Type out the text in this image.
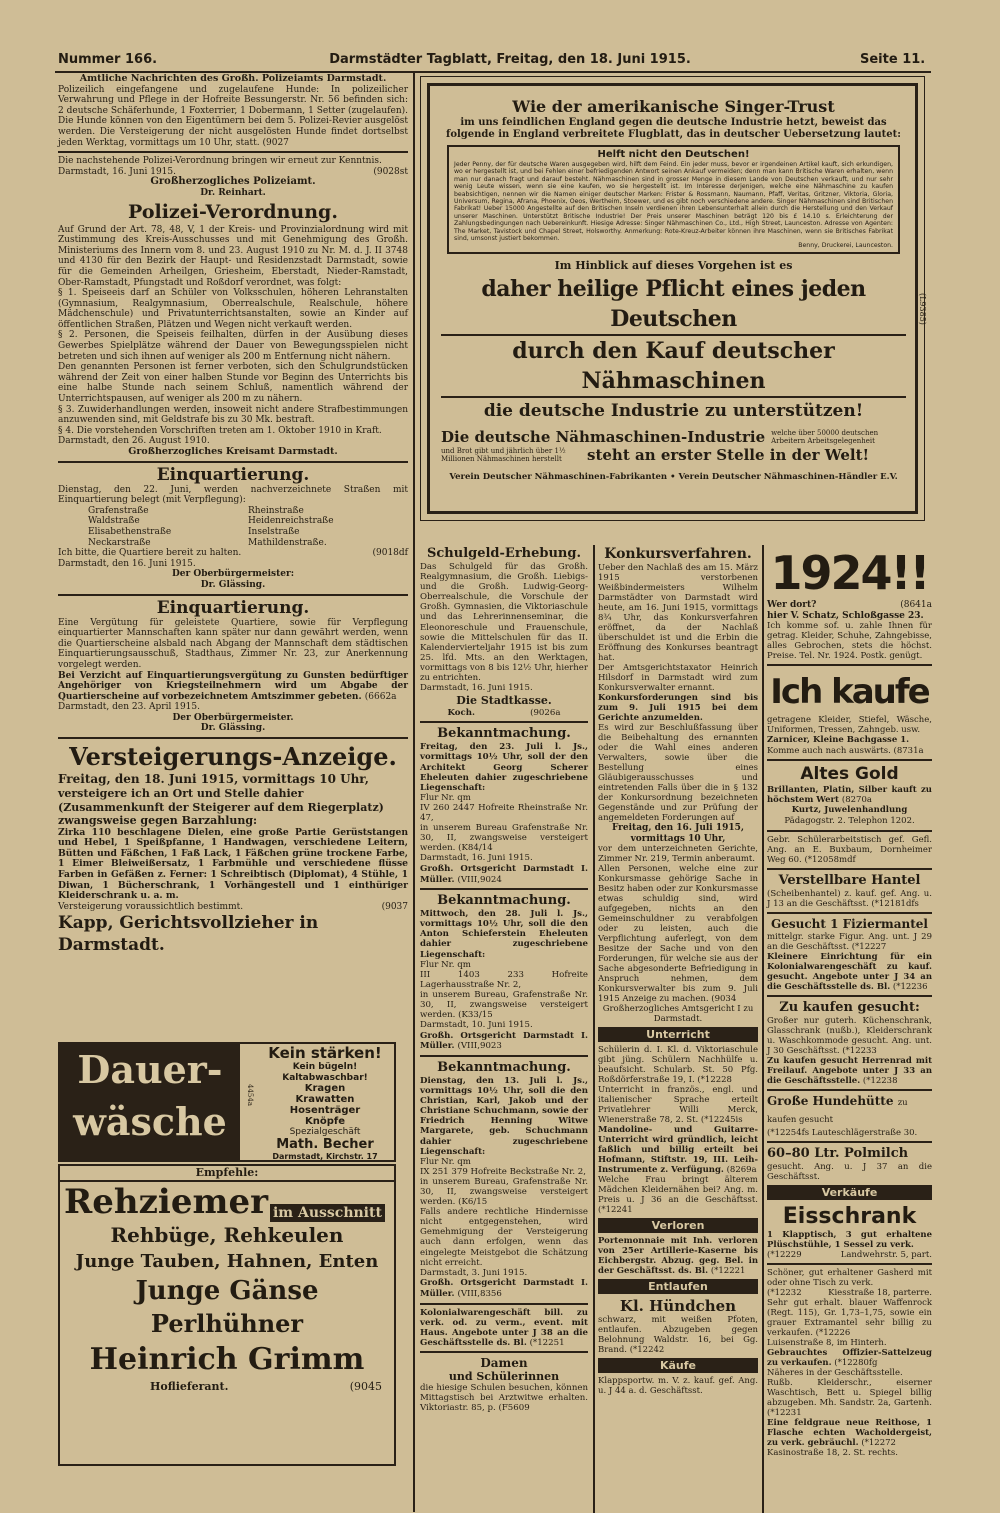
Nummer 166.	Darmstädter Tagblatt, Freitag, den 18. Juni 1915.	Seite 11.
Amtliche Nachrichten des Großh. Polizeiamts Darmstadt.
Polizeilich eingefangene und zugelaufene Hunde: In polizeilicher Verwahrung und Pflege in der Hofreite Bessungerstr. Nr. 56 befinden sich: 2 deutsche Schäferhunde, 1 Foxterrier, 1 Dobermann, 1 Setter (zugelaufen). Die Hunde können von den Eigentümern bei dem 5. Polizei-Revier ausgelöst werden. Die Versteigerung der nicht ausgelösten Hunde findet dortselbst jeden Werktag, vormittags um 10 Uhr, statt. (9027
Die nachstehende Polizei-Verordnung bringen wir erneut zur Kenntnis.
Darmstadt, 16. Juni 1915.	(9028st
Großherzogliches Polizeiamt.
Dr. Reinhart.
Polizei-Verordnung.
Auf Grund der Art. 78, 48, V, 1 der Kreis- und Provinzialordnung wird mit Zustimmung des Kreis-Ausschusses und mit Genehmigung des Großh. Ministeriums des Innern vom 8. und 23. August 1910 zu Nr. M. d. J. II 3748 und 4130 für den Bezirk der Haupt- und Residenzstadt Darmstadt, sowie für die Gemeinden Arheilgen, Griesheim, Eberstadt, Nieder-Ramstadt, Ober-Ramstadt, Pfungstadt und Roßdorf verordnet, was folgt:
§ 1. Speiseeis darf an Schüler von Volksschulen, höheren Lehranstalten (Gymnasium, Realgymnasium, Oberrealschule, Realschule, höhere Mädchenschule) und Privatunterrichtsanstalten, sowie an Kinder auf öffentlichen Straßen, Plätzen und Wegen nicht verkauft werden.
§ 2. Personen, die Speiseis feilhalten, dürfen in der Ausübung dieses Gewerbes Spielplätze während der Dauer von Bewegungsspielen nicht betreten und sich ihnen auf weniger als 200 m Entfernung nicht nähern.
Den genannten Personen ist ferner verboten, sich den Schulgrundstücken während der Zeit von einer halben Stunde vor Beginn des Unterrichts bis eine halbe Stunde nach seinem Schluß, namentlich während der Unterrichtspausen, auf weniger als 200 m zu nähern.
§ 3. Zuwiderhandlungen werden, insoweit nicht andere Strafbestimmungen anzuwenden sind, mit Geldstrafe bis zu 30 Mk. bestraft.
§ 4. Die vorstehenden Vorschriften treten am 1. Oktober 1910 in Kraft.
Darmstadt, den 26. August 1910.
Großherzogliches Kreisamt Darmstadt.
Einquartierung.
Dienstag, den 22. Juni, werden nachverzeichnete Straßen mit Einquartierung belegt (mit Verpflegung):
Grafenstraße	Rheinstraße
Waldstraße	Heidenreichstraße
Elisabethenstraße	Inselstraße
Neckarstraße	Mathildenstraße.
Ich bitte, die Quartiere bereit zu halten.	(9018df
Darmstadt, den 16. Juni 1915.
Der Oberbürgermeister:
Dr. Glässing.
Einquartierung.
Eine Vergütung für geleistete Quartiere, sowie für Verpflegung einquartierter Mannschaften kann später nur dann gewährt werden, wenn die Quartierscheine alsbald nach Abgang der Mannschaft dem städtischen Einquartierungsausschuß, Stadthaus, Zimmer Nr. 23, zur Anerkennung vorgelegt werden.
Bei Verzicht auf Einquartierungsvergütung zu Gunsten bedürftiger Angehöriger von Kriegsteilnehmern wird um Abgabe der Quartierscheine auf vorbezeichnetem Amtszimmer gebeten. (6662a
Darmstadt, den 23. April 1915.
Der Oberbürgermeister.
Dr. Glässing.
Versteigerungs-Anzeige.
Freitag, den 18. Juni 1915, vormittags 10 Uhr,
versteigere ich an Ort und Stelle dahier (Zusammenkunft der Steigerer auf dem Riegerplatz) zwangsweise gegen Barzahlung:
Zirka 110 beschlagene Dielen, eine große Partie Gerüststangen und Hebel, 1 Speißpfanne, 1 Handwagen, verschiedene Leitern, Bütten und Fäßchen, 1 Faß Lack, 1 Fäßchen grüne trockene Farbe, 1 Eimer Bleiweißersatz, 1 Farbmühle und verschiedene flüsse Farben in Gefäßen z. Ferner: 1 Schreibtisch (Diplomat), 4 Stühle, 1 Diwan, 1 Bücherschrank, 1 Vorhängestell und 1 einthüriger Kleiderschrank u. a. m.
Versteigerung voraussichtlich bestimmt.	(9037
Kapp, Gerichtsvollzieher in Darmstadt.
Dauer-
wäsche
4454a
Kein stärken!
Kein bügeln!
Kaltabwaschbar!
Kragen
Krawatten
Hosenträger
Knöpfe
Spezialgeschäft
Math. Becher
Darmstadt, Kirchstr. 17
Empfehle:
Rehziemer im Ausschnitt
Rehbüge, Rehkeulen
Junge Tauben, Hahnen, Enten
Junge Gänse
Perlhühner
Heinrich Grimm
Hoflieferant.	(9045
Wie der amerikanische Singer-Trust
im uns feindlichen England gegen die deutsche Industrie hetzt, beweist das folgende in England verbreitete Flugblatt, das in deutscher Uebersetzung lautet:
Helft nicht den Deutschen!
Jeder Penny, der für deutsche Waren ausgegeben wird, hilft dem Feind. Ein jeder muss, bevor er irgendeinen Artikel kauft, sich erkundigen, wo er hergestellt ist, und bei Fehlen einer befriedigenden Antwort seinen Ankauf vermeiden; denn man kann Britische Waren erhalten, wenn man nur danach fragt und darauf besteht. Nähmaschinen sind in grosser Menge in diesem Lande von Deutschen verkauft, und nur sehr wenig Leute wissen, wenn sie eine kaufen, wo sie hergestellt ist. Im Interesse derjenigen, welche eine Nähmaschine zu kaufen beabsichtigen, nennen wir die Namen einiger deutscher Marken: Frister & Rossmann, Naumann, Pfaff, Veritas, Gritzner, Viktoria, Gloria, Universum, Regina, Afrana, Phoenix, Oeos, Wertheim, Stoewer, und es gibt noch verschiedene andere. Singer Nähmaschinen sind Britischen Fabrikat! Ueber 15000 Angestellte auf den Britischen Inseln verdienen ihren Lebensunterhalt allein durch die Herstellung und den Verkauf unserer Maschinen. Unterstützt Britische Industrie! Der Preis unserer Maschinen beträgt 120 bis £ 14.10 s. Erleichterung der Zahlungsbedingungen nach Uebereinkunft. Hiesige Adresse: Singer Nähmaschinen Co., Ltd., High Street, Launceston. Adresse von Agenten: The Market, Tavistock und Chapel Street, Holsworthy. Anmerkung: Rote-Kreuz-Arbeiter können ihre Maschinen, wenn sie Britisches Fabrikat sind, umsonst justiert bekommen.
Benny, Druckerei, Launceston.
Im Hinblick auf dieses Vorgehen ist es
daher heilige Pflicht eines jeden Deutschen
durch den Kauf deutscher Nähmaschinen
die deutsche Industrie zu unterstützen!
Die deutsche Nähmaschinen-Industrie welche über 50000 deutschen Arbeitern Arbeitsgelegenheit
und Brot gibt und jährlich über 1½ Millionen Nähmaschinen herstellt	steht an erster Stelle in der Welt!
Verein Deutscher Nähmaschinen-Fabrikanten • Verein Deutscher Nähmaschinen-Händler E.V.
(L9385)
Schulgeld-Erhebung.
Das Schulgeld für das Großh. Realgymnasium, die Großh. Liebigs- und die Großh. Ludwig-Georg-Oberrealschule, die Vorschule der Großh. Gymnasien, die Viktoriaschule und das Lehrerinnenseminar, die Eleonoreschule und Frauenschule, sowie die Mittelschulen für das II. Kalendervierteljahr 1915 ist bis zum 25. lfd. Mts. an den Werktagen, vormittags von 8 bis 12½ Uhr, hierher zu entrichten.
Darmstadt, 16. Juni 1915.
Die Stadtkasse.
Koch.	(9026a
Bekanntmachung.
Freitag, den 23. Juli l. Js., vormittags 10½ Uhr, soll der den Architekt Georg Scherer Eheleuten dahier zugeschriebene Liegenschaft:
Flur Nr. qm
IV 260 2447 Hofreite Rheinstraße Nr. 47,
in unserem Bureau Grafenstraße Nr. 30, II, zwangsweise versteigert werden. (K84/14
Darmstadt, 16. Juni 1915.
Großh. Ortsgericht Darmstadt I. Müller. (VIII,9024
Bekanntmachung.
Mittwoch, den 28. Juli l. Js., vormittags 10½ Uhr, soll die den Anton Schieferstein Eheleuten dahier zugeschriebene Liegenschaft:
Flur Nr. qm
III 1403 233 Hofreite Lagerhausstraße Nr. 2,
in unserem Bureau, Grafenstraße Nr. 30, II, zwangsweise versteigert werden. (K33/15
Darmstadt, 10. Juni 1915.
Großh. Ortsgericht Darmstadt I. Müller. (VIII,9023
Bekanntmachung.
Dienstag, den 13. Juli l. Js., vormittags 10½ Uhr, soll die den Christian, Karl, Jakob und der Christiane Schuchmann, sowie der Friedrich Henning Witwe Margarete, geb. Schuchmann dahier zugeschriebene Liegenschaft:
Flur Nr. qm
IX 251 379 Hofreite Beckstraße Nr. 2,
in unserem Bureau, Grafenstraße Nr. 30, II, zwangsweise versteigert werden. (K6/15
Falls andere rechtliche Hindernisse nicht entgegenstehen, wird Gemehmigung der Versteigerung auch dann erfolgen, wenn das eingelegte Meistgebot die Schätzung nicht erreicht.
Darmstadt, 3. Juni 1915.
Großh. Ortsgericht Darmstadt I. Müller. (VIII,8356
Kolonialwarengeschäft bill. zu verk. od. zu verm., event. mit Haus. Angebote unter J 38 an die Geschäftsstelle ds. Bl. (*12251
Damen
und Schülerinnen
die hiesige Schulen besuchen, können Mittagstisch bei Arztwitwe erhalten. Viktoriastr. 85, p. (F5609
Konkursverfahren.
Ueber den Nachlaß des am 15. März 1915 verstorbenen Weißbindermeisters Wilhelm Darmstädter von Darmstadt wird heute, am 16. Juni 1915, vormittags 8¾ Uhr, das Konkursverfahren eröffnet, da der Nachlaß überschuldet ist und die Erbin die Eröffnung des Konkurses beantragt hat.
Der Amtsgerichtstaxator Heinrich Hilsdorf in Darmstadt wird zum Konkursverwalter ernannt.
Konkursforderungen sind bis zum 9. Juli 1915 bei dem Gerichte anzumelden.
Es wird zur Beschlußfassung über die Beibehaltung des ernannten oder die Wahl eines anderen Verwalters, sowie über die Bestellung eines Gläubigerausschusses und eintretenden Falls über die in § 132 der Konkursordnung bezeichneten Gegenstände und zur Prüfung der angemeldeten Forderungen auf
Freitag, den 16. Juli 1915, vormittags 10 Uhr,
vor dem unterzeichneten Gerichte, Zimmer Nr. 219, Termin anberaumt.
Allen Personen, welche eine zur Konkursmasse gehörige Sache in Besitz haben oder zur Konkursmasse etwas schuldig sind, wird aufgegeben, nichts an den Gemeinschuldner zu verabfolgen oder zu leisten, auch die Verpflichtung auferlegt, von dem Besitze der Sache und von den Forderungen, für welche sie aus der Sache abgesonderte Befriedigung in Anspruch nehmen, dem Konkursverwalter bis zum 9. Juli 1915 Anzeige zu machen. (9034
Großherzogliches Amtsgericht I zu Darmstadt.
Unterricht
Schülerin d. I. Kl. d. Viktoriaschule gibt jüng. Schülern Nachhülfe u. beaufsicht. Schularb. St. 50 Pfg. Roßdörferstraße 19, I. (*12228
Unterricht in französ., engl. und italienischer Sprache erteilt Privatlehrer Willi Merck, Wienerstraße 78, 2. St. (*12245is
Mandoline- und Guitarre-Unterricht wird gründlich, leicht faßlich und billig erteilt bei Hofmann, Stiftstr. 19, III. Leih-Instrumente z. Verfügung. (8269a
Welche Frau bringt älterem Mädchen Kleidernähen bei? Ang. m. Preis u. J 36 an die Geschäftsst. (*12241
Verloren
Portemonnaie mit Inh. verloren von 25er Artillerie-Kaserne bis Eichbergstr. Abzug. geg. Bel. in der Geschäftsst. ds. Bl. (*12221
Entlaufen
Kl. Hündchen
schwarz, mit weißen Pfoten, entlaufen. Abzugeben gegen Belohnung Waldstr. 16, bei Gg. Brand. (*12242
Käufe
Klappsportw. m. V. z. kauf. gef. Ang. u. J 44 a. d. Geschäftsst.
1924!!
Wer dort?	(8641a
hier V. Schatz, Schloßgasse 23.
Ich komme sof. u. zahle Ihnen für getrag. Kleider, Schuhe, Zahngebisse, alles Gebrochen, stets die höchst. Preise. Tel. Nr. 1924. Postk. genügt.
Ich kaufe
getragene Kleider, Stiefel, Wäsche, Uniformen, Tressen, Zahngeb. usw.
Zarnicer, Kleine Bachgasse 1.
Komme auch nach auswärts. (8731a
Altes Gold
Brillanten, Platin, Silber kauft zu höchstem Wert (8270a
Kurtz, Juwelenhandlung
Pädagogstr. 2. Telephon 1202.
Gebr. Schülerarbeitstisch gef. Gefl. Ang. an E. Buxbaum, Dornheimer Weg 60. (*12058mdf
Verstellbare Hantel
(Scheibenhantel) z. kauf. gef. Ang. u. J 13 an die Geschäftsst. (*12181dfs
Gesucht 1 Fiziermantel
mittelgr. starke Figur. Ang. unt. J 29 an die Geschäftsst. (*12227
Kleinere Einrichtung für ein Kolonialwarengeschäft zu kauf. gesucht. Angebote unter J 34 an die Geschäftsstelle ds. Bl. (*12236
Zu kaufen gesucht:
Großer nur guterh. Küchenschrank, Glasschrank (nußb.), Kleiderschrank u. Waschkommode gesucht. Ang. unt. J 30 Geschäftsst. (*12233
Zu kaufen gesucht Herrenrad mit Freilauf. Angebote unter J 33 an die Geschäftsstelle. (*12238
Große Hundehütte zu kaufen gesucht
(*12254fs Lauteschlägerstraße 30.
60–80 Ltr. Polmilch
gesucht. Ang. u. J 37 an die Geschäftsst.
Verkäufe
Eisschrank
1 Klapptisch, 3 gut erhaltene Plüschstühle, 1 Sessel zu verk.
(*12229	Landwehrstr. 5, part.
Schöner, gut erhaltener Gasherd mit oder ohne Tisch zu verk.
(*12232	Kiesstraße 18, parterre.
Sehr gut erhalt. blauer Waffenrock (Regt. 115), Gr. 1,73–1,75, sowie ein grauer Extramantel sehr billig zu verkaufen. (*12226
Luisenstraße 8, im Hinterh.
Gebrauchtes Offizier-Sattelzeug zu verkaufen. (*12280fg
Näheres in der Geschäftsstelle.
Rußb. Kleiderschr., eiserner Waschtisch, Bett u. Spiegel billig abzugeben. Mh. Sandstr. 2a, Gartenh. (*12231
Eine feldgraue neue Reithose, 1 Flasche echten Wacholdergeist, zu verk. gebräuchl. (*12272
Kasinostraße 18, 2. St. rechts.
